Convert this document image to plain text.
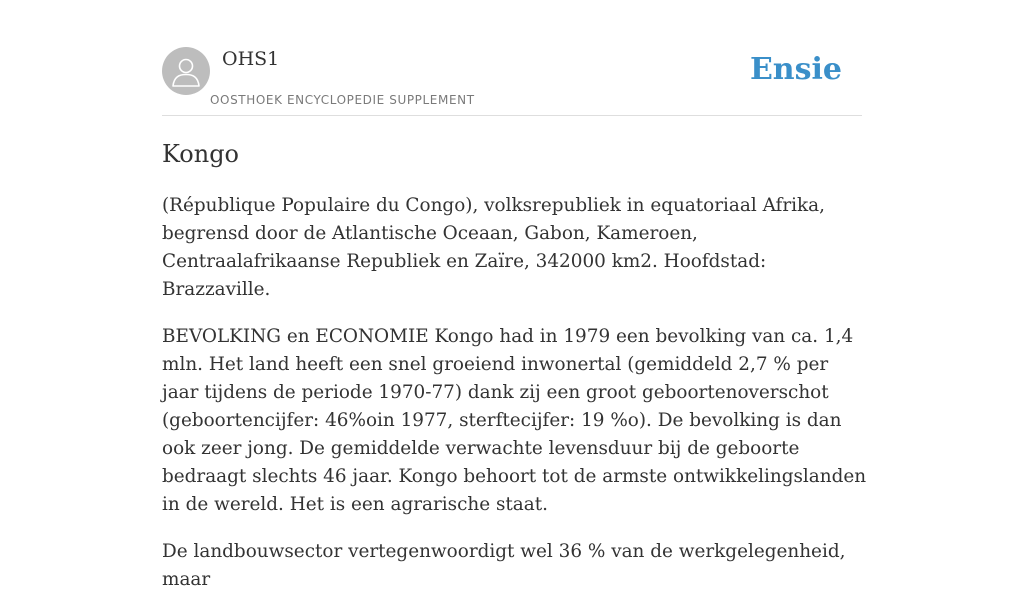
OHS1
OOSTHOEK ENCYCLOPEDIE SUPPLEMENT
Ensie
Kongo

(République Populaire du Congo), volksrepubliek in equatoriaal Afrika, begrensd door de Atlantische Oceaan, Gabon, Kameroen, Centraalafrikaanse Republiek en Zaïre, 342000 km2. Hoofdstad: Brazzaville.

BEVOLKING en ECONOMIE Kongo had in 1979 een bevolking van ca. 1,4 mln. Het land heeft een snel groeiend inwonertal (gemiddeld 2,7 % per jaar tijdens de periode 1970-77) dank zij een groot geboortenoverschot (geboortencijfer: 46%oin 1977, sterftecijfer: 19 %o). De bevolking is dan ook zeer jong. De gemiddelde verwachte levensduur bij de geboorte bedraagt slechts 46 jaar. Kongo behoort tot de armste ontwikkelingslanden in de wereld. Het is een agrarische staat.

De landbouwsector vertegenwoordigt wel 36 % van de werkgelegenheid, maar
